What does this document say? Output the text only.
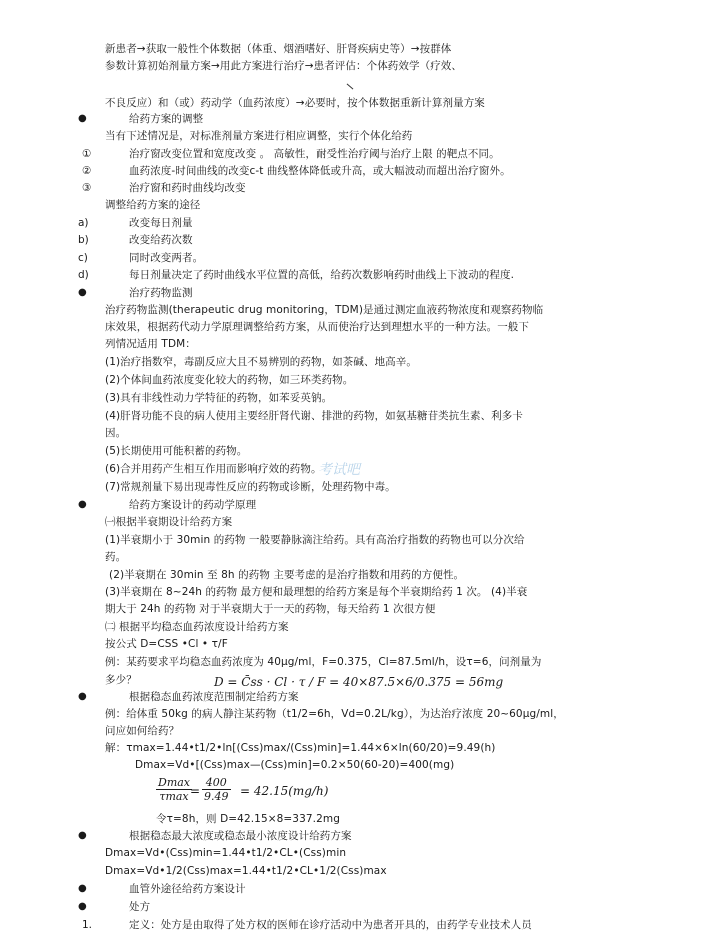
新患者→获取一般性个体数据（体重、烟酒嗜好、肝肾疾病史等）→按群体
参数计算初始剂量方案→用此方案进行治疗→患者评估：个体药效学（疗效、
不良反应）和（或）药动学（血药浓度）→必要时，按个体数据重新计算剂量方案
●	给药方案的调整
当有下述情况是，对标准剂量方案进行相应调整，实行个体化给药
①	治疗窗改变位置和宽度改变 。 高敏性，耐受性治疗阈与治疗上限 的靶点不同。
②	血药浓度-时间曲线的改变c-t 曲线整体降低或升高，或大幅波动而超出治疗窗外。
③	治疗窗和药时曲线均改变
调整给药方案的途径
a)	改变每日剂量
b)	改变给药次数
c)	同时改变两者。
d)	每日剂量决定了药时曲线水平位置的高低，给药次数影响药时曲线上下波动的程度.
●	治疗药物监测
治疗药物监测(therapeutic drug monitoring，TDM)是通过测定血液药物浓度和观察药物临
床效果，根据药代动力学原理调整给药方案，从而使治疗达到理想水平的一种方法。一般下
列情况适用 TDM：
(1)治疗指数窄，毒副反应大且不易辨别的药物，如茶碱、地高辛。
(2)个体间血药浓度变化较大的药物，如三环类药物。
(3)具有非线性动力学特征的药物，如苯妥英钠。
(4)肝肾功能不良的病人使用主要经肝肾代谢、排泄的药物，如氨基糖苷类抗生素、利多卡
因。
(5)长期使用可能积蓄的药物。
(6)合并用药产生相互作用而影响疗效的药物。
考试吧
(7)常规剂量下易出现毒性反应的药物或诊断，处理药物中毒。
●	给药方案设计的药动学原理
㈠根据半衰期设计给药方案
(1)半衰期小于 30min 的药物 一般要静脉滴注给药。具有高治疗指数的药物也可以分次给
药。
(2)半衰期在 30min 至 8h 的药物 主要考虑的是治疗指数和用药的方便性。
(3)半衰期在 8~24h 的药物 最方便和最理想的给药方案是每个半衰期给药 1 次。 (4)半衰
期大于 24h 的药物 对于半衰期大于一天的药物，每天给药 1 次很方便
㈡ 根据平均稳态血药浓度设计给药方案
按公式 D=CSS •Cl • τ/F
例：某药要求平均稳态血药浓度为 40μg/ml，F=0.375，Cl=87.5ml/h，设τ=6，问剂量为
多少？	D = C̄ss · Cl · τ / F = 40×87.5×6/0.375 = 56mg
●	根据稳态血药浓度范围制定给药方案
例：给体重 50kg 的病人静注某药物（t1/2=6h，Vd=0.2L/kg），为达治疗浓度 20~60μg/ml，
问应如何给药？
解：τmax=1.44•t1/2•ln[(Css)max/(Css)min]=1.44×6×ln(60/20)=9.49(h)
Dmax=Vd•[(Css)max—(Css)min]=0.2×50(60-20)=400(mg)
Dmax
$\tau\max = \frac{400}{9.49} = 42.15(mg/h)$
令τ=8h，则 D=42.15×8=337.2mg
●	根据稳态最大浓度或稳态最小浓度设计给药方案
Dmax=Vd•(Css)min=1.44•t1/2•CL•(Css)min
Dmax=Vd•1/2(Css)max=1.44•t1/2•CL•1/2(Css)max
●	血管外途径给药方案设计
●	处方
1.	定义：处方是由取得了处方权的医师在诊疗活动中为患者开具的，由药学专业技术人员
